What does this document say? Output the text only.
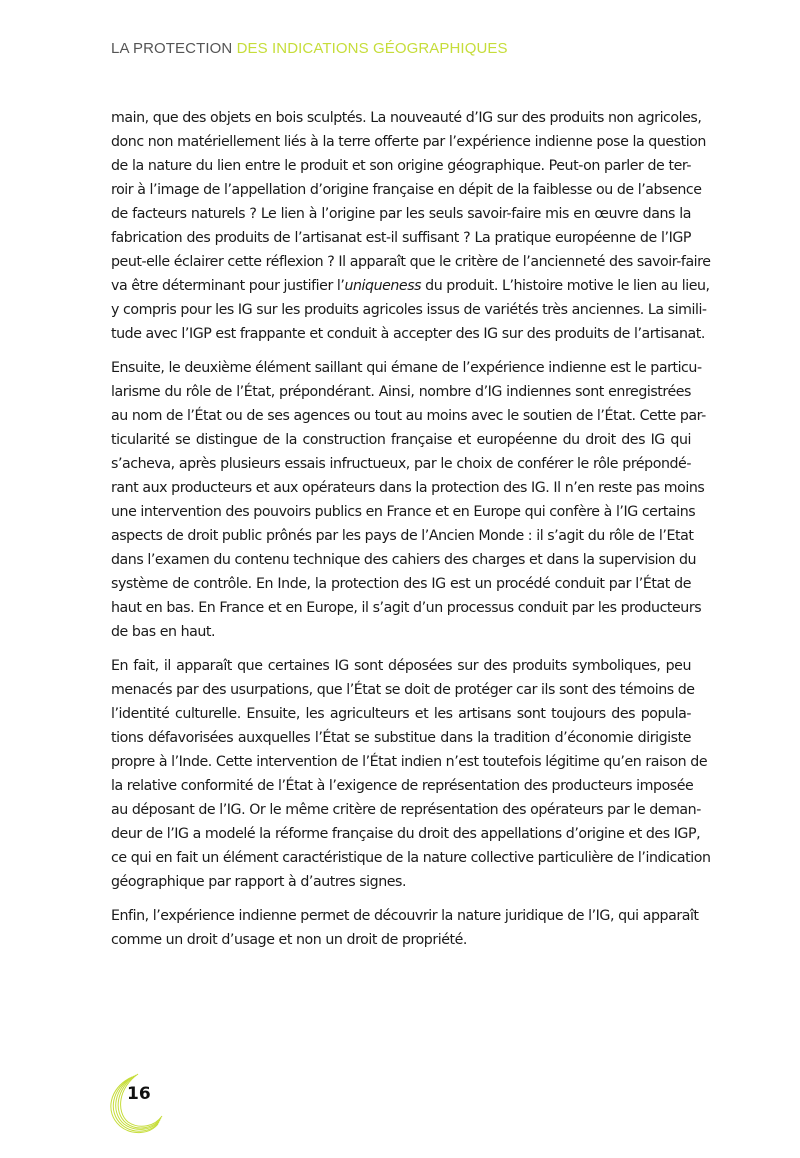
LA PROTECTION DES INDICATIONS GÉOGRAPHIQUES
main, que des objets en bois sculptés. La nouveauté d’IG sur des produits non agricoles,
donc non matériellement liés à la terre offerte par l’expérience indienne pose la question
de la nature du lien entre le produit et son origine géographique. Peut-on parler de ter-
roir à l’image de l’appellation d’origine française en dépit de la faiblesse ou de l’absence
de facteurs naturels ? Le lien à l’origine par les seuls savoir-faire mis en œuvre dans la
fabrication des produits de l’artisanat est-il suffisant ? La pratique européenne de l’IGP
peut-elle éclairer cette réflexion ? Il apparaît que le critère de l’ancienneté des savoir-faire
va être déterminant pour justifier l’uniqueness du produit. L’histoire motive le lien au lieu,
y compris pour les IG sur les produits agricoles issus de variétés très anciennes. La simili-
tude avec l’IGP est frappante et conduit à accepter des IG sur des produits de l’artisanat.
Ensuite, le deuxième élément saillant qui émane de l’expérience indienne est le particu-
larisme du rôle de l’État, prépondérant. Ainsi, nombre d’IG indiennes sont enregistrées
au nom de l’État ou de ses agences ou tout au moins avec le soutien de l’État. Cette par-
ticularité se distingue de la construction française et européenne du droit des IG qui
s’acheva, après plusieurs essais infructueux, par le choix de conférer le rôle prépondé-
rant aux producteurs et aux opérateurs dans la protection des IG. Il n’en reste pas moins
une intervention des pouvoirs publics en France et en Europe qui confère à l’IG certains
aspects de droit public prônés par les pays de l’Ancien Monde : il s’agit du rôle de l’Etat
dans l’examen du contenu technique des cahiers des charges et dans la supervision du
système de contrôle. En Inde, la protection des IG est un procédé conduit par l’État de
haut en bas. En France et en Europe, il s’agit d’un processus conduit par les producteurs
de bas en haut.
En fait, il apparaît que certaines IG sont déposées sur des produits symboliques, peu
menacés par des usurpations, que l’État se doit de protéger car ils sont des témoins de
l’identité culturelle. Ensuite, les agriculteurs et les artisans sont toujours des popula-
tions défavorisées auxquelles l’État se substitue dans la tradition d’économie dirigiste
propre à l’Inde. Cette intervention de l’État indien n’est toutefois légitime qu’en raison de
la relative conformité de l’État à l’exigence de représentation des producteurs imposée
au déposant de l’IG. Or le même critère de représentation des opérateurs par le deman-
deur de l’IG a modelé la réforme française du droit des appellations d’origine et des IGP,
ce qui en fait un élément caractéristique de la nature collective particulière de l’indication
géographique par rapport à d’autres signes.
Enfin, l’expérience indienne permet de découvrir la nature juridique de l’IG, qui apparaît
comme un droit d’usage et non un droit de propriété.
16
